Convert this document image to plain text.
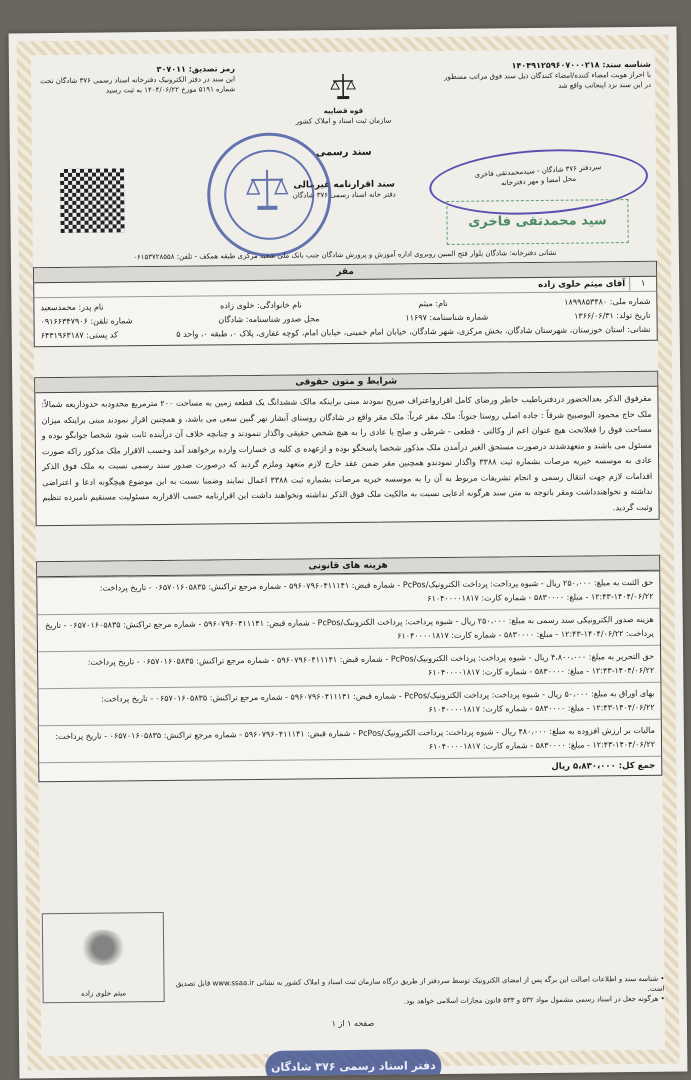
شناسه سند: ۱۴۰۴۹۱۲۵۹۶۰۷۰۰۰۲۱۸
با احراز هویت امضاء کننده‌/امضاء کنندگان ذیل سند فوق مراتب مسطور
در این سند نزد اینجانب واقع شد
رمز تصدیق: ۳۰۷۰۱۱
این سند در دفتر الکترونیک دفترخانه اسناد رسمی ۳۷۶ شادگان تحت
شماره ۵۱۹۱ مورخ ۱۴۰۴/۰۶/۲۲ به ثبت رسید
قوه قضاییه
سازمان ثبت اسناد و املاک کشور
سند رسمی
سند اقرارنامه غیرمالی
دفتر خانه اسناد رسمی ۳۷۶ شادگان
سردفتر ۳۷۶ شادگان - سیدمحمدتقی فاخری
محل امضا و مهر دفترخانه
سید محمدتقی فاخری
نشانی دفترخانه: شادگان بلوار فتح المبین روبروی اداره آموزش و پرورش شادگان جنب بانک ملی شعبه مرکزی طبقه همکف - تلفن: ۰۶۱۵۳۷۲۸۵۵۸
مقر
۱	آقای میثم خلوی زاده
شماره ملی: ۱۸۹۹۸۵۳۴۸۰
نام: میثم
نام خانوادگی: خلوی زاده
نام پدر: محمدسعید
تاریخ تولد: ۱۳۶۶/۰۶/۳۱
شماره شناسنامه: ۱۱۶۹۷
محل صدور شناسنامه: شادگان
شماره تلفن: ۰۹۱۶۶۳۴۷۹۰۶
نشانی: استان خوزستان، شهرستان شادگان، بخش مرکزی، شهر شادگان، خیابان امام خمینی، خیابان امام، کوچه غفاری، پلاک ۰، طبقه ۰، واحد ۵
کد پستی: ۶۴۳۱۹۶۳۱۸۷
شرایط و متون حقوقی
مقرفوق الذکر بعدالحضور دردفترباطیب خاطر ورضای کامل اقرارواعتراف صریح نمودند مبنی براینکه مالک ششدانگ یک قطعه زمین به مساحت ۲۰۰ مترمربع محدودبه حدوداربعه شمالاً: ملک حاج محمود البوصبیح شرقاً : جاده اصلی روستا جنوباً: ملک مقر غرباً: ملک مقر واقع در شادگان روستای آبشار نهر گبین سعی می باشد، و همچنین اقرار نمودند مبنی براینکه میزان مساحت فوق را فعلاتحت هیچ عنوان اعم از وکالتی - قطعی - شرطی و صلح یا عادی را به هیچ شخص حقیقی واگذار ننمودند و چنانچه خلاف آن درآینده ثابت شود شخصا جوابگو بوده و مسئول می باشند و متعهدشدند درصورت مستحق الغیر درآمدن ملک مذکور شخصا پاسخگو بوده و ازعهده ی کلیه ی خسارات وارده برخواهند آمد وحسب الاقرار ملک مذکور راکه صورت عادی به موسسه خیریه مرصات بشماره ثبت ۳۳۸۸ واگذار نمودندو همچنین مقر ضمن عقد خارج لازم متعهد وملزم گردید که درصورت صدور سند رسمی نسبت به ملک فوق الذکر اقدامات لازم جهت انتقال رسمی و انجام تشریفات مربوط به آن را به موسسه خیریه مرصات بشماره ثبت ۳۳۸۸ اعمال نمایند وضمنا نسبت به این موضوع هیچگونه ادعا و اعتراضی نداشته و نخواهندداشت ومقر باتوجه به متن سند هرگونه ادعایی نسبت به مالکیت ملک فوق الذکر نداشته ونخواهند داشت این اقرارنامه حسب الاقراربه مسئولیت مستقیم نامبرده تنظیم وثبت گردید.
هزینه های قانونی
حق الثبت به مبلغ: ۲۵۰،۰۰۰ ریال - شیوه پرداخت: پرداخت الکترونیک/PcPos - شماره قبض: ۵۹۶۰۷۹۶۰۴۱۱۱۴۱ - شماره مرجع تراکنش: ۰۶۵۷۰۱۶۰۵۸۳۵ - تاریخ پرداخت: ۱۴۰۴/۰۶/۲۲-۱۲:۴۳ - مبلغ: ۵۸۳۰۰۰۰ - شماره کارت: ۶۱۰۴۰۰۰۰۱۸۱۷
هزینه صدور الکترونیکی سند رسمی به مبلغ: ۲۵۰،۰۰۰ ریال - شیوه پرداخت: پرداخت الکترونیک/PcPos - شماره قبض: ۵۹۶۰۷۹۶۰۴۱۱۱۴۱ - شماره مرجع تراکنش: ۰۶۵۷۰۱۶۰۵۸۳۵ - تاریخ پرداخت: ۱۴۰۴/۰۶/۲۲-۱۲:۴۳ - مبلغ: ۵۸۳۰۰۰۰ - شماره کارت: ۶۱۰۴۰۰۰۰۱۸۱۷
حق التحریر به مبلغ: ۴،۸۰۰،۰۰۰ ریال - شیوه پرداخت: پرداخت الکترونیک/PcPos - شماره قبض: ۵۹۶۰۷۹۶۰۴۱۱۱۴۱ - شماره مرجع تراکنش: ۰۶۵۷۰۱۶۰۵۸۳۵ - تاریخ پرداخت: ۱۴۰۴/۰۶/۲۲-۱۲:۴۳ - مبلغ: ۵۸۳۰۰۰۰ - شماره کارت: ۶۱۰۴۰۰۰۰۱۸۱۷
بهای اوراق به مبلغ: ۵۰،۰۰۰ ریال - شیوه پرداخت: پرداخت الکترونیک/PcPos - شماره قبض: ۵۹۶۰۷۹۶۰۴۱۱۱۴۱ - شماره مرجع تراکنش: ۰۶۵۷۰۱۶۰۵۸۳۵ - تاریخ پرداخت: ۱۴۰۴/۰۶/۲۲-۱۲:۴۳ - مبلغ: ۵۸۳۰۰۰۰ - شماره کارت: ۶۱۰۴۰۰۰۰۱۸۱۷
مالیات بر ارزش افزوده به مبلغ: ۴۸۰،۰۰۰ ریال - شیوه پرداخت: پرداخت الکترونیک/PcPos - شماره قبض: ۵۹۶۰۷۹۶۰۴۱۱۱۴۱ - شماره مرجع تراکنش: ۰۶۵۷۰۱۶۰۵۸۳۵ - تاریخ پرداخت: ۱۴۰۴/۰۶/۲۲-۱۲:۴۳ - مبلغ: ۵۸۳۰۰۰۰ - شماره کارت: ۶۱۰۴۰۰۰۰۱۸۱۷
جمع کل: ۵،۸۳۰،۰۰۰ ریال
​
میثم خلوی زاده
• شناسه سند و اطلاعات اصالت این برگه پس از امضای الکترونیک توسط سردفتر از طریق درگاه سازمان ثبت اسناد و املاک کشور به نشانی www.ssaa.ir قابل تصدیق است.
• هرگونه جعل در اسناد رسمی مشمول مواد ۵۳۲ و ۵۳۳ قانون مجازات اسلامی خواهد بود.
صفحه ۱ از ۱
دفتر اسناد رسمی ۳۷۶ شادگان
